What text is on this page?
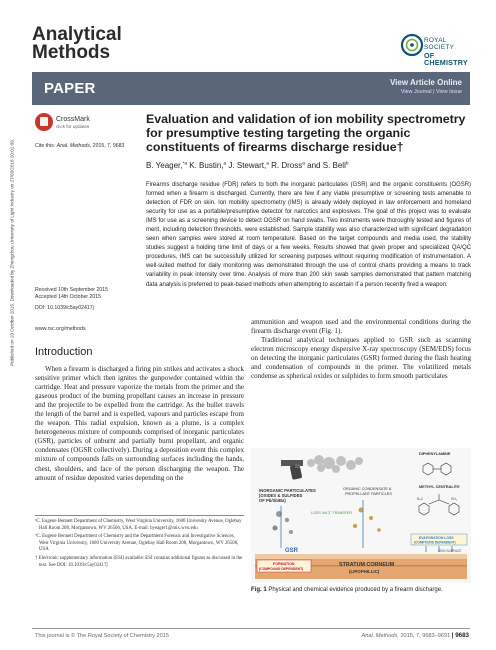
Published on 19 October 2015. Downloaded by Zhengzhou University of Light Industry on 27/03/2016 20:01:09.
Analytical
Methods
ROYAL SOCIETY
OF CHEMISTRY
PAPER	View Article Online
View Journal | View Issue
CrossMark
click for updates
Cite this: Anal. Methods, 2015, 7, 9683
Evaluation and validation of ion mobility spectrometry for presumptive testing targeting the organic constituents of firearms discharge residue†
B. Yeager,$^{*a}$ K. Bustin,$^a$ J. Stewart,$^a$ R. Dross$^a$ and S. Bell$^b$
Firearms discharge residue (FDR) refers to both the inorganic particulates (GSR) and the organic constituents (OGSR) formed when a firearm is discharged. Currently, there are few if any viable presumptive or screening tests amenable to detection of FDR on skin. Ion mobility spectrometry (IMS) is already widely deployed in law enforcement and homeland security for use as a portable/presumptive detector for narcotics and explosives. The goal of this project was to evaluate IMS for use as a screening device to detect OGSR on hand swabs. Two instruments were thoroughly tested and figures of merit, including detection thresholds, were established. Sample stability was also characterized with significant degradation seen when samples were stored at room temperature. Based on the target compounds and media used, the stability studies suggest a holding time limit of days or a few weeks. Results showed that given proper and specialized QA/QC procedures, IMS can be successfully utilized for screening purposes without requiring modification of instrumentation. A well-suited method for daily monitoring was demonstrated through the use of control charts providing a means to track variability in peak intensity over time. Analysis of more than 200 skin swab samples demonstrated that pattern matching data analysis is preferred to peak-based methods when attempting to ascertain if a person recently fired a weapon.
Received 10th September 2015
Accepted 14th October 2015
DOI: 10.1039/c5ay02417j
www.rsc.org/methods
Introduction

When a firearm is discharged a firing pin strikes and activates a shock sensitive primer which then ignites the gunpowder contained within the cartridge. Heat and pressure vaporize the metals from the primer and the gaseous product of the burning propellant causes an increase in pressure and the projectile to be expelled from the cartridge. As the bullet travels the length of the barrel and is expelled, vapours and particles escape from the weapon. This radial expulsion, known as a plume, is a complex heterogeneous mixture of compounds comprised of inorganic particulates (GSR), particles of unburnt and partially burnt propellant, and organic condensates (OGSR collectively). During a deposition event this complex mixture of compounds falls on surrounding surfaces including the hands, chest, shoulders, and face of the person discharging the weapon. The amount of residue deposited varies depending on the

ᵃC. Eugene Bennett Department of Chemistry, West Virginia University, 1600 University Avenue, Oglebay Hall Room 208, Morgantown, WV 26506, USA. E-mail: byeager1@mix.wvu.edu

ᵇC. Eugene Bennett Department of Chemistry and the Department Forensic and Investigative Sciences, West Virginia University, 1600 University Avenue, Oglebay Hall Room 208, Morgantown, WV 26506, USA

† Electronic supplementary information (ESI) available: ESI contains additional figures as discussed in the text. See DOI: 10.1039/c5ay02417j

ammunition and weapon used and the environmental conditions during the firearm discharge event (Fig. 1).

Traditional analytical techniques applied to GSR such as scanning electron microscopy energy dispersive X-ray spectroscopy (SEM/EDS) focus on detecting the inorganic particulates (GSR) formed during the flash heating and condensation of compounds in the primer. The volatilized metals condense as spherical oxides or sulphides to form smooth particulates

INORGANIC PARTICULATES
(OXIDES & SULFIDES
OF Pb/Sb/Ba)
ORGANIC CONDENSATE &
PROPELLANT PARTICLES
LOSS VIA 2° TRANSFER
GSR
FORMATION
(COMPOUND DEPENDENT)
STRATUM CORNEUM
(LIPOPHILLIC)
SKIN SURFACE
DIPHENYLAMINE
METHYL CENTRALITE
H₃C	CH₃
EVAPORATION LOSS
(COMPOUND DEPENDENT)
Fig. 1 Physical and chemical evidence produced by a firearm discharge.
This journal is © The Royal Society of Chemistry 2015	Anal. Methods, 2015, 7, 9683–9691 | 9683
